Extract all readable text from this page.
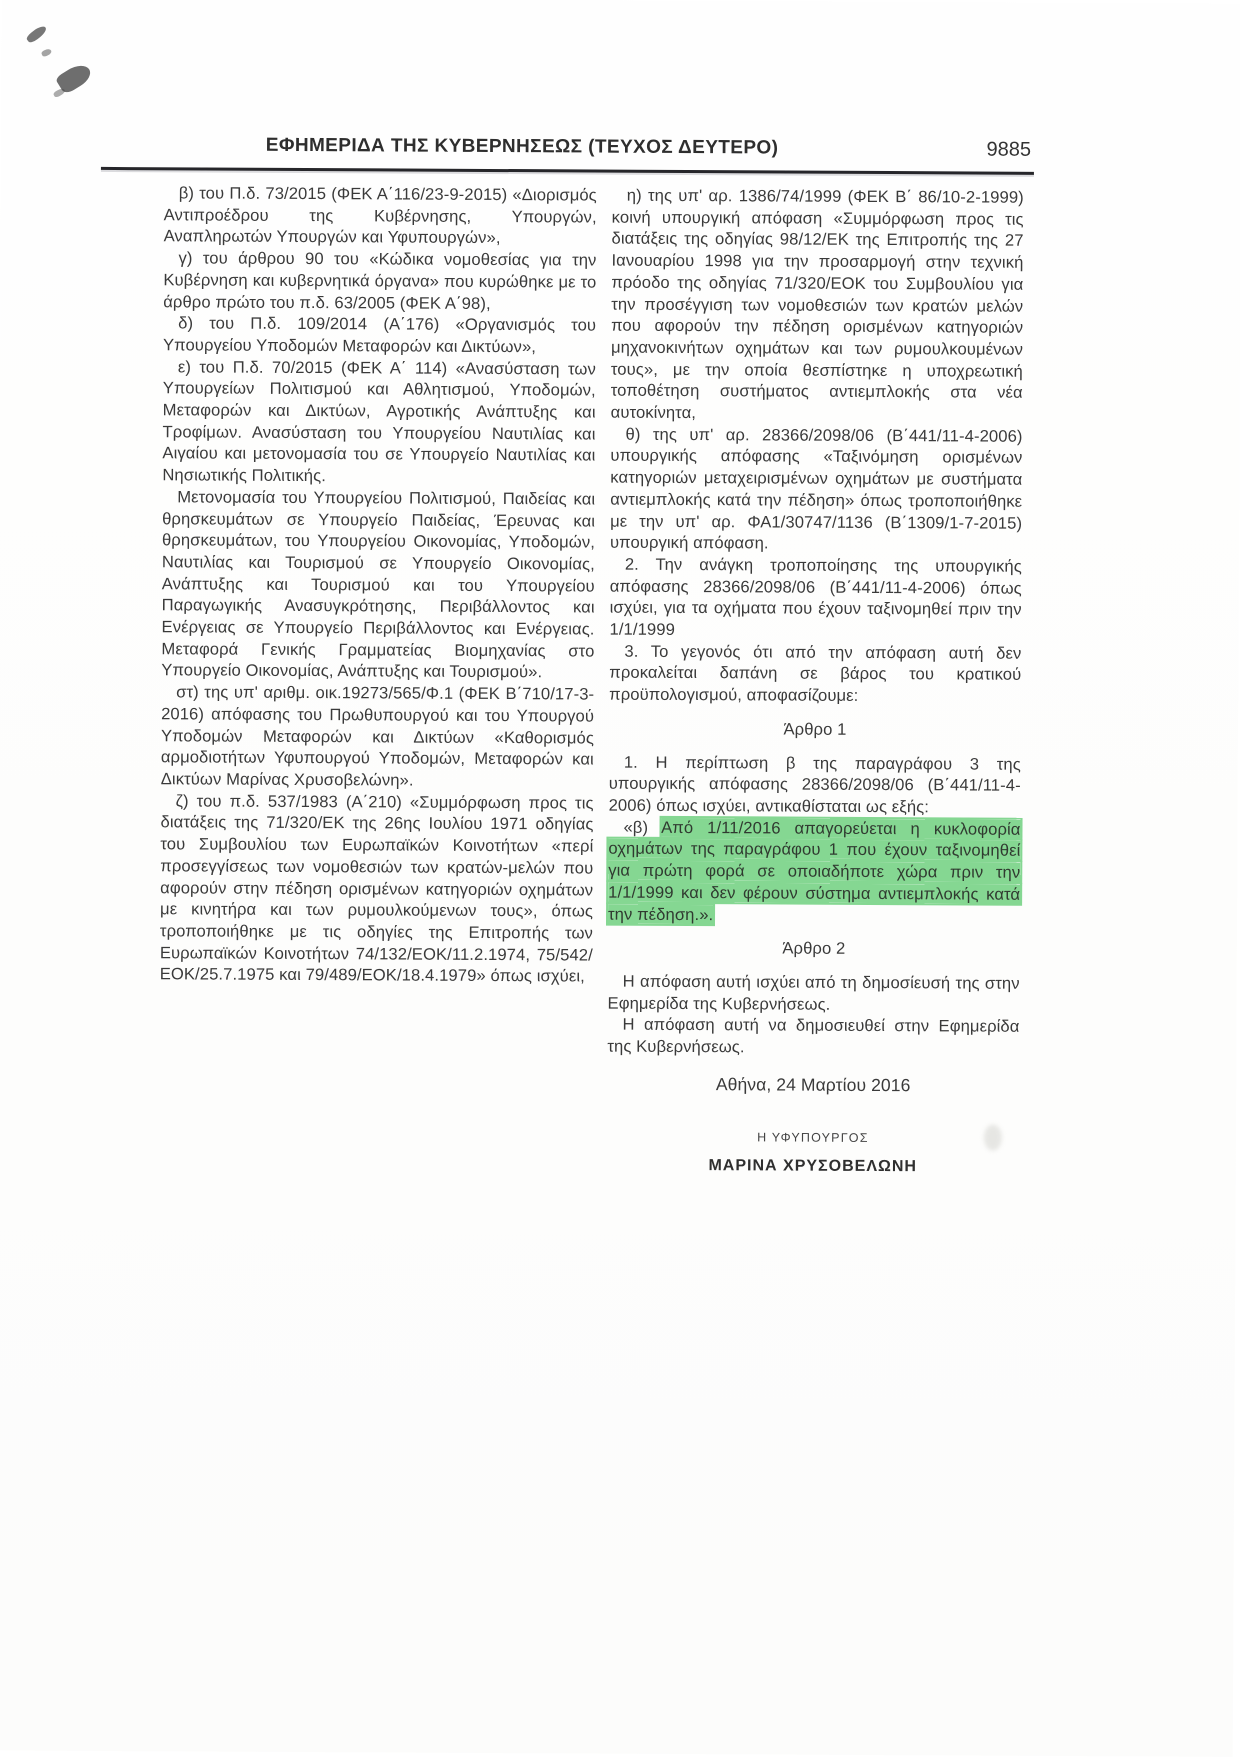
ΕΦΗΜΕΡΙΔΑ ΤΗΣ ΚΥΒΕΡΝΗΣΕΩΣ (ΤΕΥΧΟΣ ΔΕΥΤΕΡΟ)	9885

β) του Π.δ. 73/2015 (ΦΕΚ Α΄116/23-9-2015) «Διορισμός Αντιπροέδρου της Κυβέρνησης, Υπουργών, Αναπληρωτών Υπουργών και Υφυπουργών»,

γ) του άρθρου 90 του «Κώδικα νομοθεσίας για την Κυβέρνηση και κυβερνητικά όργανα» που κυρώθηκε με το άρθρο πρώτο του π.δ. 63/2005 (ΦΕΚ Α΄98),

δ) του Π.δ. 109/2014 (Α΄176) «Οργανισμός του Υπουργείου Υποδομών Μεταφορών και Δικτύων»,

ε) του Π.δ. 70/2015 (ΦΕΚ Α΄ 114) «Ανασύσταση των Υπουργείων Πολιτισμού και Αθλητισμού, Υποδομών, Μεταφορών και Δικτύων, Αγροτικής Ανάπτυξης και Τροφίμων. Ανασύσταση του Υπουργείου Ναυτιλίας και Αιγαίου και μετονομασία του σε Υπουργείο Ναυτιλίας και Νησιωτικής Πολιτικής.

Μετονομασία του Υπουργείου Πολιτισμού, Παιδείας και θρησκευμάτων σε Υπουργείο Παιδείας, Έρευνας και θρησκευμάτων, του Υπουργείου Οικονομίας, Υποδομών, Ναυτιλίας και Τουρισμού σε Υπουργείο Οικονομίας, Ανάπτυξης και Τουρισμού και του Υπουργείου Παραγωγικής Ανασυγκρότησης, Περιβάλλοντος και Ενέργειας σε Υπουργείο Περιβάλλοντος και Ενέργειας. Μεταφορά Γενικής Γραμματείας Βιομηχανίας στο Υπουργείο Οικονομίας, Ανάπτυξης και Τουρισμού».

στ) της υπ' αριθμ. οικ.19273/565/Φ.1 (ΦΕΚ Β΄710/17-3-2016) απόφασης του Πρωθυπουργού και του Υπουργού Υποδομών Μεταφορών και Δικτύων «Καθορισμός αρμοδιοτήτων Υφυπουργού Υποδομών, Μεταφορών και Δικτύων Μαρίνας Χρυσοβελώνη».

ζ) του π.δ. 537/1983 (Α΄210) «Συμμόρφωση προς τις διατάξεις της 71/320/ΕΚ της 26ης Ιουλίου 1971 οδηγίας του Συμβουλίου των Ευρωπαϊκών Κοινοτήτων «περί προσεγγίσεως των νομοθεσιών των κρατών-μελών που αφορούν στην πέδηση ορισμένων κατηγοριών οχημάτων με κινητήρα και των ρυμουλκούμενων τους», όπως τροποποιήθηκε με τις οδηγίες της Επιτροπής των Ευρωπαϊκών Κοινοτήτων 74/132/ΕΟΚ/11.2.1974, 75/542/ΕΟΚ/25.7.1975 και 79/489/ΕΟΚ/18.4.1979» όπως ισχύει,

η) της υπ' αρ. 1386/74/1999 (ΦΕΚ Β΄ 86/10-2-1999) κοινή υπουργική απόφαση «Συμμόρφωση προς τις διατάξεις της οδηγίας 98/12/ΕΚ της Επιτροπής της 27 Ιανουαρίου 1998 για την προσαρμογή στην τεχνική πρόοδο της οδηγίας 71/320/ΕΟΚ του Συμβουλίου για την προσέγγιση των νομοθεσιών των κρατών μελών που αφορούν την πέδηση ορισμένων κατηγοριών μηχανοκινήτων οχημάτων και των ρυμουλκουμένων τους», με την οποία θεσπίστηκε η υποχρεωτική τοποθέτηση συστήματος αντιεμπλοκής στα νέα αυτοκίνητα,

θ) της υπ' αρ. 28366/2098/06 (Β΄441/11-4-2006) υπουργικής απόφασης «Ταξινόμηση ορισμένων κατηγοριών μεταχειρισμένων οχημάτων με συστήματα αντιεμπλοκής κατά την πέδηση» όπως τροποποιήθηκε με την υπ' αρ. ΦΑ1/30747/1136 (Β΄1309/1-7-2015) υπουργική απόφαση.

2. Την ανάγκη τροποποίησης της υπουργικής απόφασης 28366/2098/06 (Β΄441/11-4-2006) όπως ισχύει, για τα οχήματα που έχουν ταξινομηθεί πριν την 1/1/1999

3. Το γεγονός ότι από την απόφαση αυτή δεν προκαλείται δαπάνη σε βάρος του κρατικού προϋπολογισμού, αποφασίζουμε:

Άρθρο 1

1. Η περίπτωση β της παραγράφου 3 της υπουργικής απόφασης 28366/2098/06 (Β΄441/11-4-2006) όπως ισχύει, αντικαθίσταται ως εξής:

«β) Από 1/11/2016 απαγορεύεται η κυκλοφορία οχημάτων της παραγράφου 1 που έχουν ταξινομηθεί για πρώτη φορά σε οποιαδήποτε χώρα πριν την 1/1/1999 και δεν φέρουν σύστημα αντιεμπλοκής κατά την πέδηση.».

Άρθρο 2

Η απόφαση αυτή ισχύει από τη δημοσίευσή της στην Εφημερίδα της Κυβερνήσεως.

Η απόφαση αυτή να δημοσιευθεί στην Εφημερίδα της Κυβερνήσεως.

Αθήνα, 24 Μαρτίου 2016

Η ΥΦΥΠΟΥΡΓΟΣ

ΜΑΡΙΝΑ ΧΡΥΣΟΒΕΛΩΝΗ
